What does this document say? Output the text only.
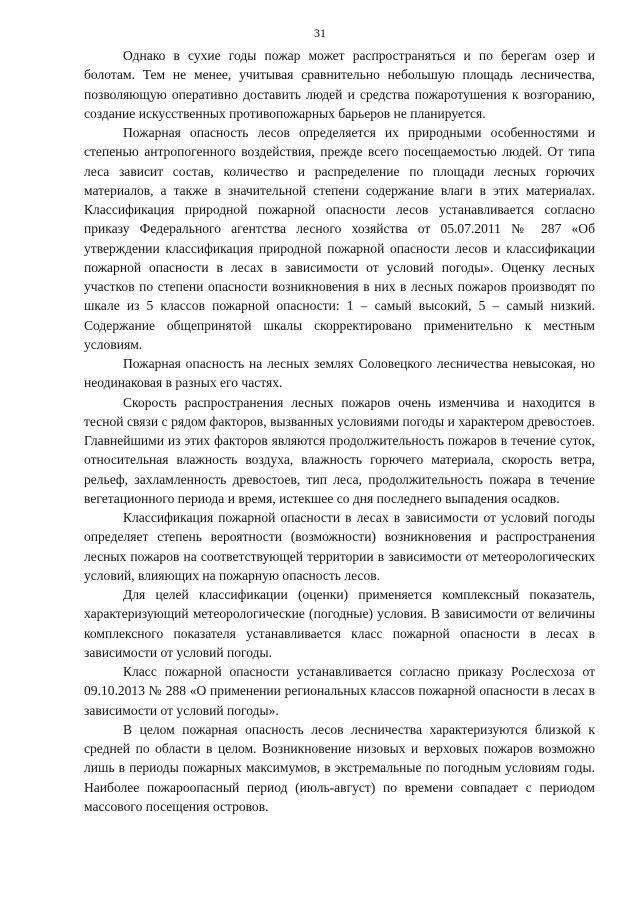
31

Однако в сухие годы пожар может распространяться и по берегам озер и болотам. Тем не менее, учитывая сравнительно небольшую площадь лесничества, позволяющую оперативно доставить людей и средства пожаротушения к возгоранию, создание искусственных противопожарных барьеров не планируется.

Пожарная опасность лесов определяется их природными особенностями и степенью антропогенного воздействия, прежде всего посещаемостью людей. От типа леса зависит состав, количество и распределение по площади лесных горючих материалов, а также в значительной степени содержание влаги в этих материалах. Классификация природной пожарной опасности лесов устанавливается согласно приказу Федерального агентства лесного хозяйства от 05.07.2011 № 287 «Об утверждении классификация природной пожарной опасности лесов и классификации пожарной опасности в лесах в зависимости от условий погоды». Оценку лесных участков по степени опасности возникновения в них в лесных пожаров производят по шкале из 5 классов пожарной опасности: 1 – самый высокий, 5 – самый низкий. Содержание общепринятой шкалы скорректировано применительно к местным условиям.

Пожарная опасность на лесных землях Соловецкого лесничества невысокая, но неодинаковая в разных его частях.

Скорость распространения лесных пожаров очень изменчива и находится в тесной связи с рядом факторов, вызванных условиями погоды и характером древостоев. Главнейшими из этих факторов являются продолжительность пожаров в течение суток, относительная влажность воздуха, влажность горючего материала, скорость ветра, рельеф, захламленность древостоев, тип леса, продолжительность пожара в течение вегетационного периода и время, истекшее со дня последнего выпадения осадков.

Классификация пожарной опасности в лесах в зависимости от условий погоды определяет степень вероятности (возможности) возникновения и распространения лесных пожаров на соответствующей территории в зависимости от метеорологических условий, влияющих на пожарную опасность лесов.

Для целей классификации (оценки) применяется комплексный показатель, характеризующий метеорологические (погодные) условия. В зависимости от величины комплексного показателя устанавливается класс пожарной опасности в лесах в зависимости от условий погоды.

Класс пожарной опасности устанавливается согласно приказу Рослесхоза от 09.10.2013 № 288 «О применении региональных классов пожарной опасности в лесах в зависимости от условий погоды».

В целом пожарная опасность лесов лесничества характеризуются близкой к средней по области в целом. Возникновение низовых и верховых пожаров возможно лишь в периоды пожарных максимумов, в экстремальные по погодным условиям годы. Наиболее пожароопасный период (июль-август) по времени совпадает с периодом массового посещения островов.
